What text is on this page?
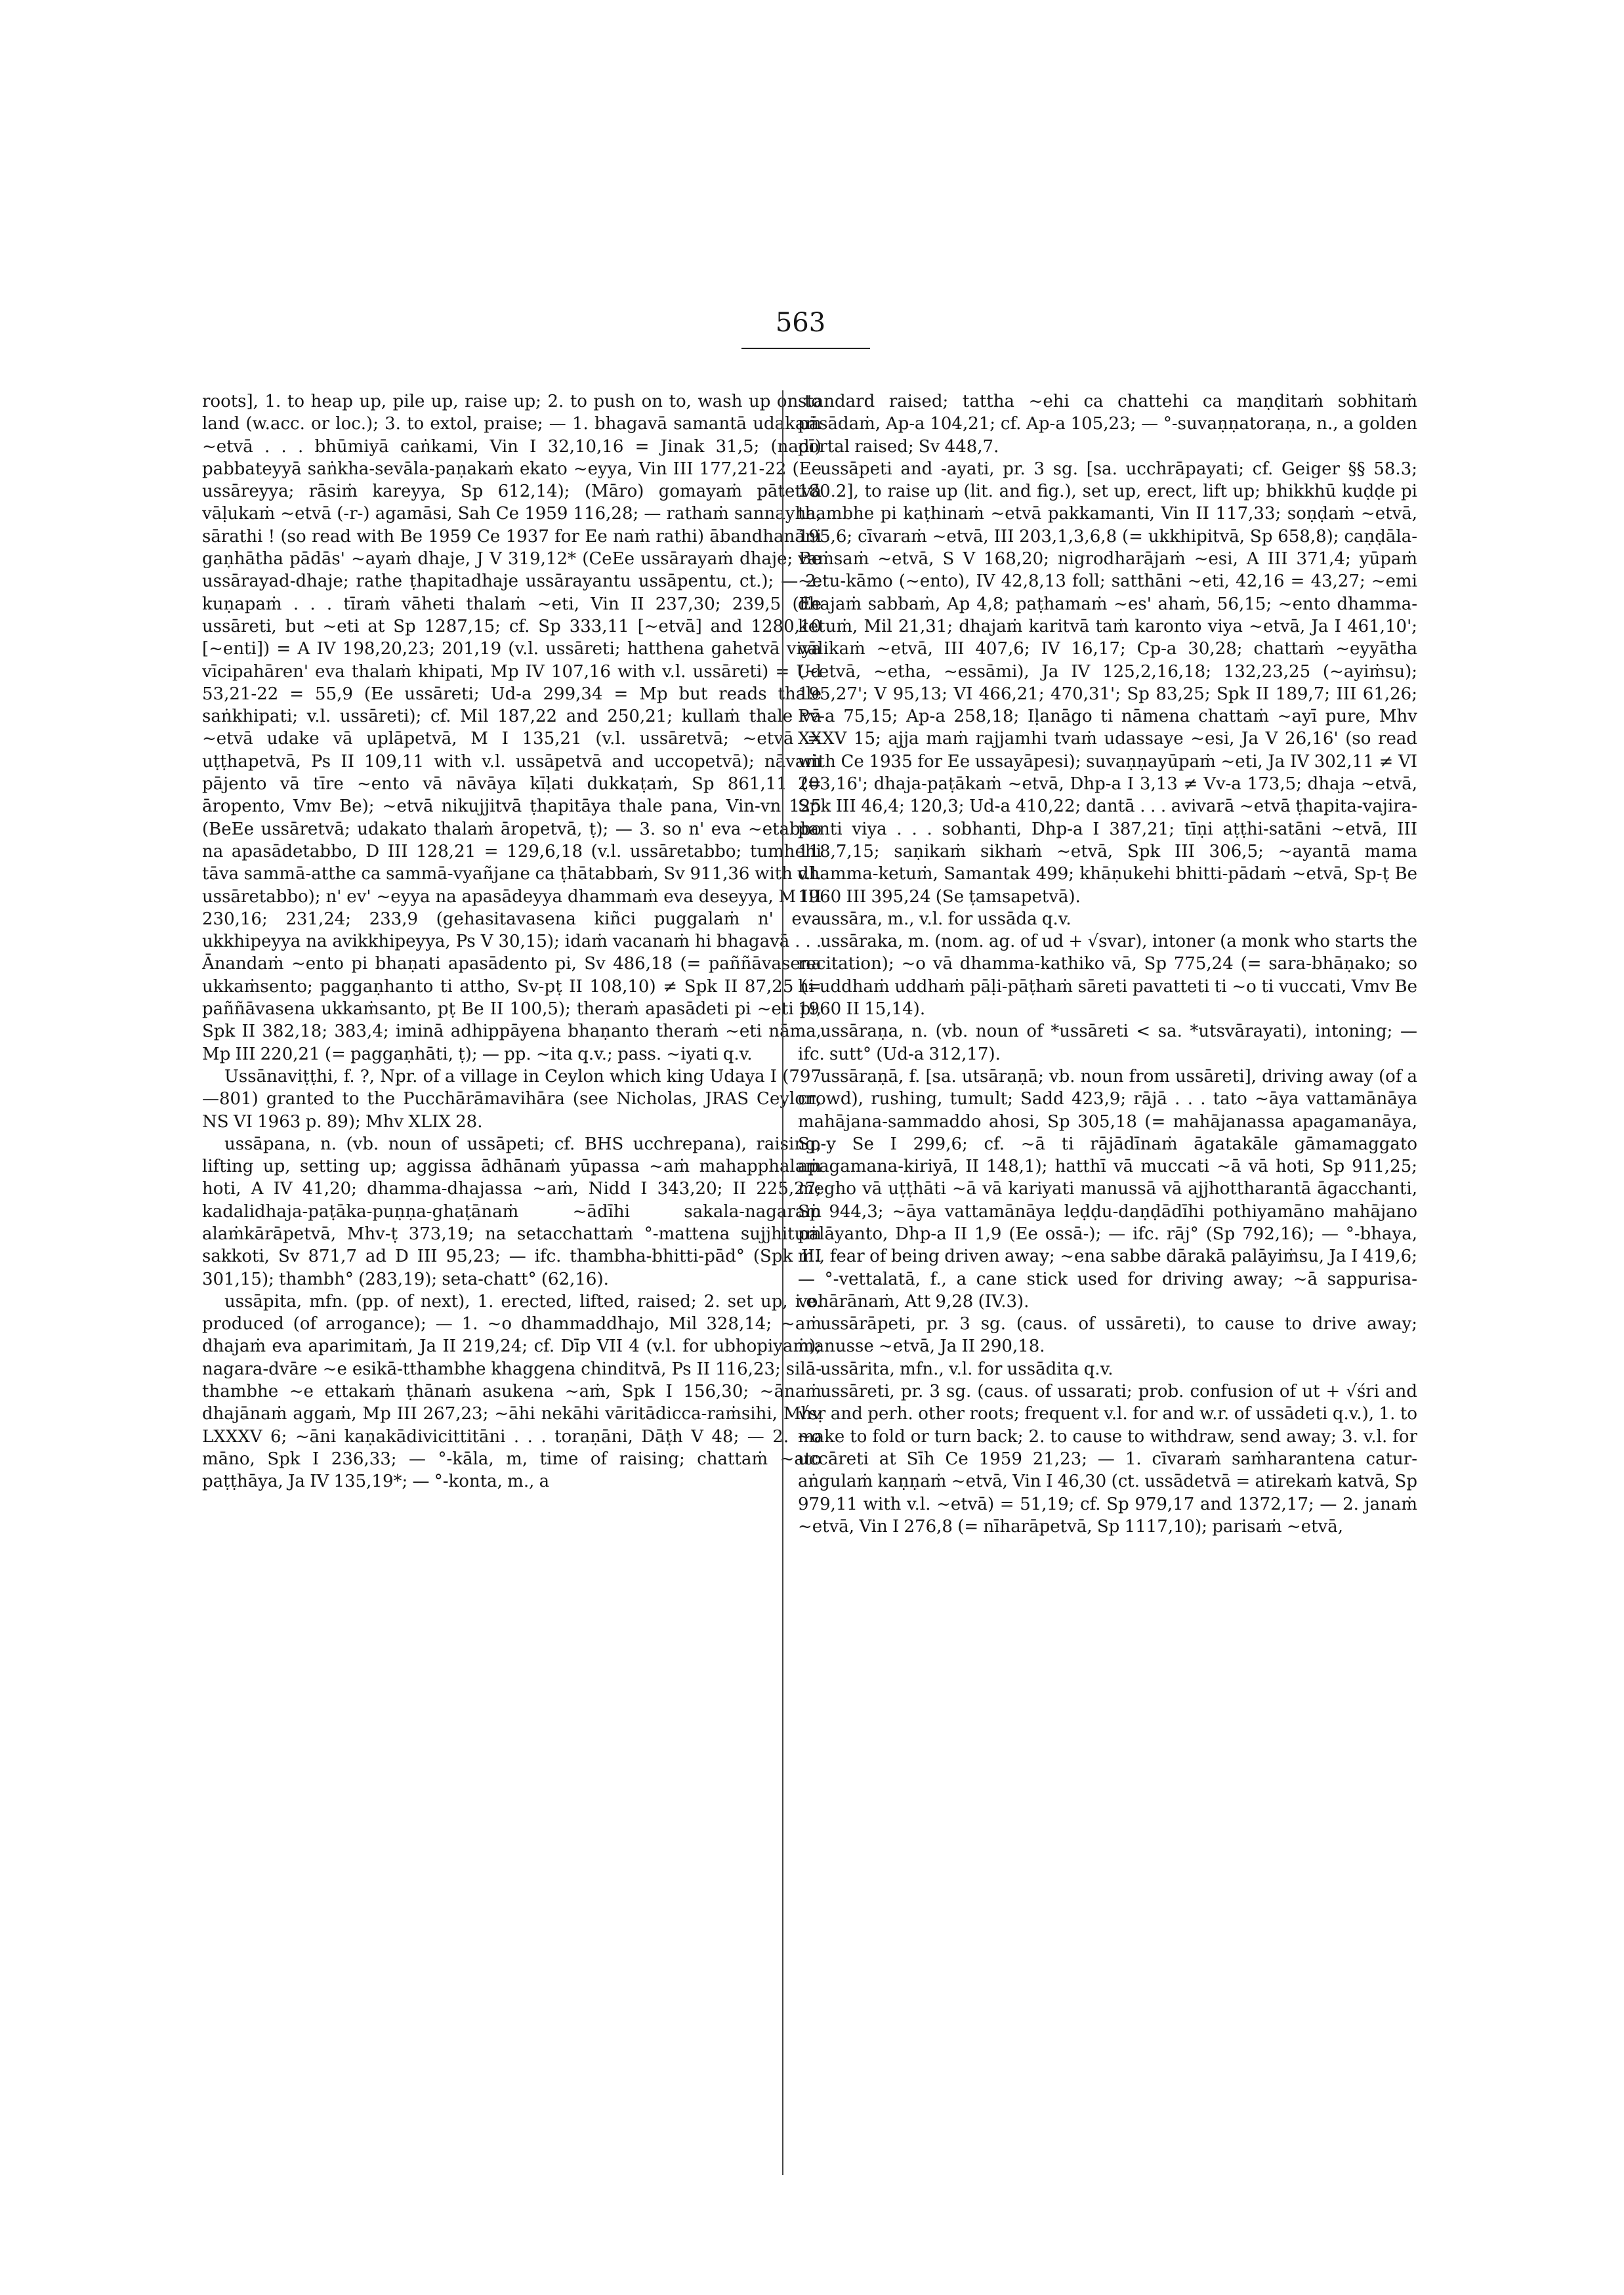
563

roots], 1. to heap up, pile up, raise up; 2. to push on to, wash up on to land (w.acc. or loc.); 3. to extol, praise; — 1. bhagavā samantā udakaṁ ~etvā . . . bhūmiyā caṅkami, Vin I 32,10,16 = Jinak 31,5; (nadī) pabbateyyā saṅkha-sevāla-paṇakaṁ ekato ~eyya, Vin III 177,21-22 (Ee ussāreyya; rāsiṁ kareyya, Sp 612,14); (Māro) gomayaṁ pātetvā vāḷukaṁ ~etvā (-r-) agamāsi, Sah Ce 1959 116,28; — rathaṁ sannayha, sārathi ! (so read with Be 1959 Ce 1937 for Ee naṁ rathi) ābandhanāni gaṇhātha pādās' ~ayaṁ dhaje, J V 319,12* (CeEe ussārayaṁ dhaje; Be ussārayad-dhaje; rathe ṭhapitadhaje ussārayantu ussāpentu, ct.); — 2. kuṇapaṁ . . . tīraṁ vāheti thalaṁ ~eti, Vin II 237,30; 239,5 (Ee ussāreti, but ~eti at Sp 1287,15; cf. Sp 333,11 [~etvā] and 1280,10 [~enti]) = A IV 198,20,23; 201,19 (v.l. ussāreti; hatthena gahetvā viya vīcipahāren' eva thalaṁ khipati, Mp IV 107,16 with v.l. ussāreti) = Ud 53,21-22 = 55,9 (Ee ussāreti; Ud-a 299,34 = Mp but reads thale saṅkhipati; v.l. ussāreti); cf. Mil 187,22 and 250,21; kullaṁ thale vā ~etvā udake vā uplāpetvā, M I 135,21 (v.l. ussāretvā; ~etvā = uṭṭhapetvā, Ps II 109,11 with v.l. ussāpetvā and uccopetvā); nāvaṁ pājento vā tīre ~ento vā nāvāya kīḷati dukkaṭaṁ, Sp 861,11 (= āropento, Vmv Be); ~etvā nikujjitvā ṭhapitāya thale pana, Vin-vn 125 (BeEe ussāretvā; udakato thalaṁ āropetvā, ṭ); — 3. so n' eva ~etabbo na apasādetabbo, D III 128,21 = 129,6,18 (v.l. ussāretabbo; tumhehi tāva sammā-atthe ca sammā-vyañjane ca ṭhātabbaṁ, Sv 911,36 with v.l. ussāretabbo); n' ev' ~eyya na apasādeyya dhammaṁ eva deseyya, M III 230,16; 231,24; 233,9 (gehasitavasena kiñci puggalaṁ n' eva ukkhipeyya na avikkhipeyya, Ps V 30,15); idaṁ vacanaṁ hi bhagavā . . . Ānandaṁ ~ento pi bhaṇati apasādento pi, Sv 486,18 (= paññāvasena ukkaṁsento; paggaṇhanto ti attho, Sv-pṭ II 108,10) ≠ Spk II 87,25 (= paññāvasena ukkaṁsanto, pṭ Be II 100,5); theraṁ apasādeti pi ~eti pi, Spk II 382,18; 383,4; iminā adhippāyena bhaṇanto theraṁ ~eti nāma, Mp III 220,21 (= paggaṇhāti, ṭ); — pp. ~ita q.v.; pass. ~iyati q.v.

Ussānaviṭṭhi, f. ?, Npr. of a village in Ceylon which king Udaya I (797—801) granted to the Pucchārāmavihāra (see Nicholas, JRAS Ceylon, NS VI 1963 p. 89); Mhv XLIX 28.

ussāpana, n. (vb. noun of ussāpeti; cf. BHS ucchrepana), raising, lifting up, setting up; aggissa ādhānaṁ yūpassa ~aṁ mahapphalaṁ hoti, A IV 41,20; dhamma-dhajassa ~aṁ, Nidd I 343,20; II 225,27; kadalidhaja-paṭāka-puṇṇa-ghaṭānaṁ ~ādīhi sakala-nagaraṁ alaṁkārāpetvā, Mhv-ṭ 373,19; na setacchattaṁ °-mattena sujjhituṁ sakkoti, Sv 871,7 ad D III 95,23; — ifc. thambha-bhitti-pād° (Spk III 301,15); thambh° (283,19); seta-chatt° (62,16).

ussāpita, mfn. (pp. of next), 1. erected, lifted, raised; 2. set up, i.e. produced (of arrogance); — 1. ~o dhammaddhajo, Mil 328,14; ~aṁ dhajaṁ eva aparimitaṁ, Ja II 219,24; cf. Dīp VII 4 (v.l. for ubhopiyaṁ); nagara-dvāre ~e esikā-tthambhe khaggena chinditvā, Ps II 116,23; silā-thambhe ~e ettakaṁ ṭhānaṁ asukena ~aṁ, Spk I 156,30; ~ānaṁ dhajānaṁ aggaṁ, Mp III 267,23; ~āhi nekāhi vāritādicca-raṁsihi, Mhv LXXXV 6; ~āni kaṇakādivicittitāni . . . toraṇāni, Dāṭh V 48; — 2. ~o māno, Spk I 236,33; — °-kāla, m, time of raising; chattaṁ ~ato paṭṭhāya, Ja IV 135,19*; — °-konta, m., a

standard raised; tattha ~ehi ca chattehi ca maṇḍitaṁ sobhitaṁ pāsādaṁ, Ap-a 104,21; cf. Ap-a 105,23; — °-suvaṇṇatoraṇa, n., a golden portal raised; Sv 448,7.

ussāpeti and -ayati, pr. 3 sg. [sa. ucchrāpayati; cf. Geiger §§ 58.3; 180.2], to raise up (lit. and fig.), set up, erect, lift up; bhikkhū kuḍḍe pi thambhe pi kaṭhinaṁ ~etvā pakkamanti, Vin II 117,33; soṇḍaṁ ~etvā, 195,6; cīvaraṁ ~etvā, III 203,1,3,6,8 (= ukkhipitvā, Sp 658,8); caṇḍāla-vaṁsaṁ ~etvā, S V 168,20; nigrodharājaṁ ~esi, A III 371,4; yūpaṁ ~etu-kāmo (~ento), IV 42,8,13 foll; satthāni ~eti, 42,16 = 43,27; ~emi dhajaṁ sabbaṁ, Ap 4,8; paṭhamaṁ ~es' ahaṁ, 56,15; ~ento dhamma-ketuṁ, Mil 21,31; dhajaṁ karitvā taṁ karonto viya ~etvā, Ja I 461,10'; vālikaṁ ~etvā, III 407,6; IV 16,17; Cp-a 30,28; chattaṁ ~eyyātha (~etvā, ~etha, ~essāmi), Ja IV 125,2,16,18; 132,23,25 (~ayiṁsu); 195,27'; V 95,13; VI 466,21; 470,31'; Sp 83,25; Spk II 189,7; III 61,26; Pv-a 75,15; Ap-a 258,18; Iḷanāgo ti nāmena chattaṁ ~ayī pure, Mhv XXXV 15; ajja maṁ rajjamhi tvaṁ udassaye ~esi, Ja V 26,16' (so read with Ce 1935 for Ee ussayāpesi); suvaṇṇayūpaṁ ~eti, Ja IV 302,11 ≠ VI 203,16'; dhaja-paṭākaṁ ~etvā, Dhp-a I 3,13 ≠ Vv-a 173,5; dhaja ~etvā, Spk III 46,4; 120,3; Ud-a 410,22; dantā . . . avivarā ~etvā ṭhapita-vajira-panti viya . . . sobhanti, Dhp-a I 387,21; tīṇi aṭṭhi-satāni ~etvā, III 118,7,15; saṇikaṁ sikhaṁ ~etvā, Spk III 306,5; ~ayantā mama dhamma-ketuṁ, Samantak 499; khāṇukehi bhitti-pādaṁ ~etvā, Sp-ṭ Be 1960 III 395,24 (Se ṭamsapetvā).

ussāra, m., v.l. for ussāda q.v.

ussāraka, m. (nom. ag. of ud + √svar), intoner (a monk who starts the recitation); ~o vā dhamma-kathiko vā, Sp 775,24 (= sara-bhāṇako; so hi uddhaṁ uddhaṁ pāḷi-pāṭhaṁ sāreti pavatteti ti ~o ti vuccati, Vmv Be 1960 II 15,14).

ussāraṇa, n. (vb. noun of *ussāreti < sa. *utsvārayati), intoning; — ifc. sutt° (Ud-a 312,17).

ussāraṇā, f. [sa. utsāraṇā; vb. noun from ussāreti], driving away (of a crowd), rushing, tumult; Sadd 423,9; rājā . . . tato ~āya vattamānāya mahājana-sammaddo ahosi, Sp 305,18 (= mahājanassa apagamanāya, Sp-y Se I 299,6; cf. ~ā ti rājādīnaṁ āgatakāle gāmamaggato apagamana-kiriyā, II 148,1); hatthī vā muccati ~ā vā hoti, Sp 911,25; megho vā uṭṭhāti ~ā vā kariyati manussā vā ajjhottharantā āgacchanti, Sp 944,3; ~āya vattamānāya leḍḍu-daṇḍādīhi pothiyamāno mahājano palāyanto, Dhp-a II 1,9 (Ee ossā-); — ifc. rāj° (Sp 792,16); — °-bhaya, m., fear of being driven away; ~ena sabbe dārakā palāyiṁsu, Ja I 419,6; — °-vettalatā, f., a cane stick used for driving away; ~ā sappurisa-vohārānaṁ, Att 9,28 (IV.3).

ussārāpeti, pr. 3 sg. (caus. of ussāreti), to cause to drive away; manusse ~etvā, Ja II 290,18.

ussārita, mfn., v.l. for ussādita q.v.

ussāreti, pr. 3 sg. (caus. of ussarati; prob. confusion of ut + √śri and √sṛ and perh. other roots; frequent v.l. for and w.r. of ussādeti q.v.), 1. to make to fold or turn back; 2. to cause to withdraw, send away; 3. v.l. for uccāreti at Sīh Ce 1959 21,23; — 1. cīvaraṁ saṁharantena catur-aṅgulaṁ kaṇṇaṁ ~etvā, Vin I 46,30 (ct. ussādetvā = atirekaṁ katvā, Sp 979,11 with v.l. ~etvā) = 51,19; cf. Sp 979,17 and 1372,17; — 2. janaṁ ~etvā, Vin I 276,8 (= nīharāpetvā, Sp 1117,10); parisaṁ ~etvā,
